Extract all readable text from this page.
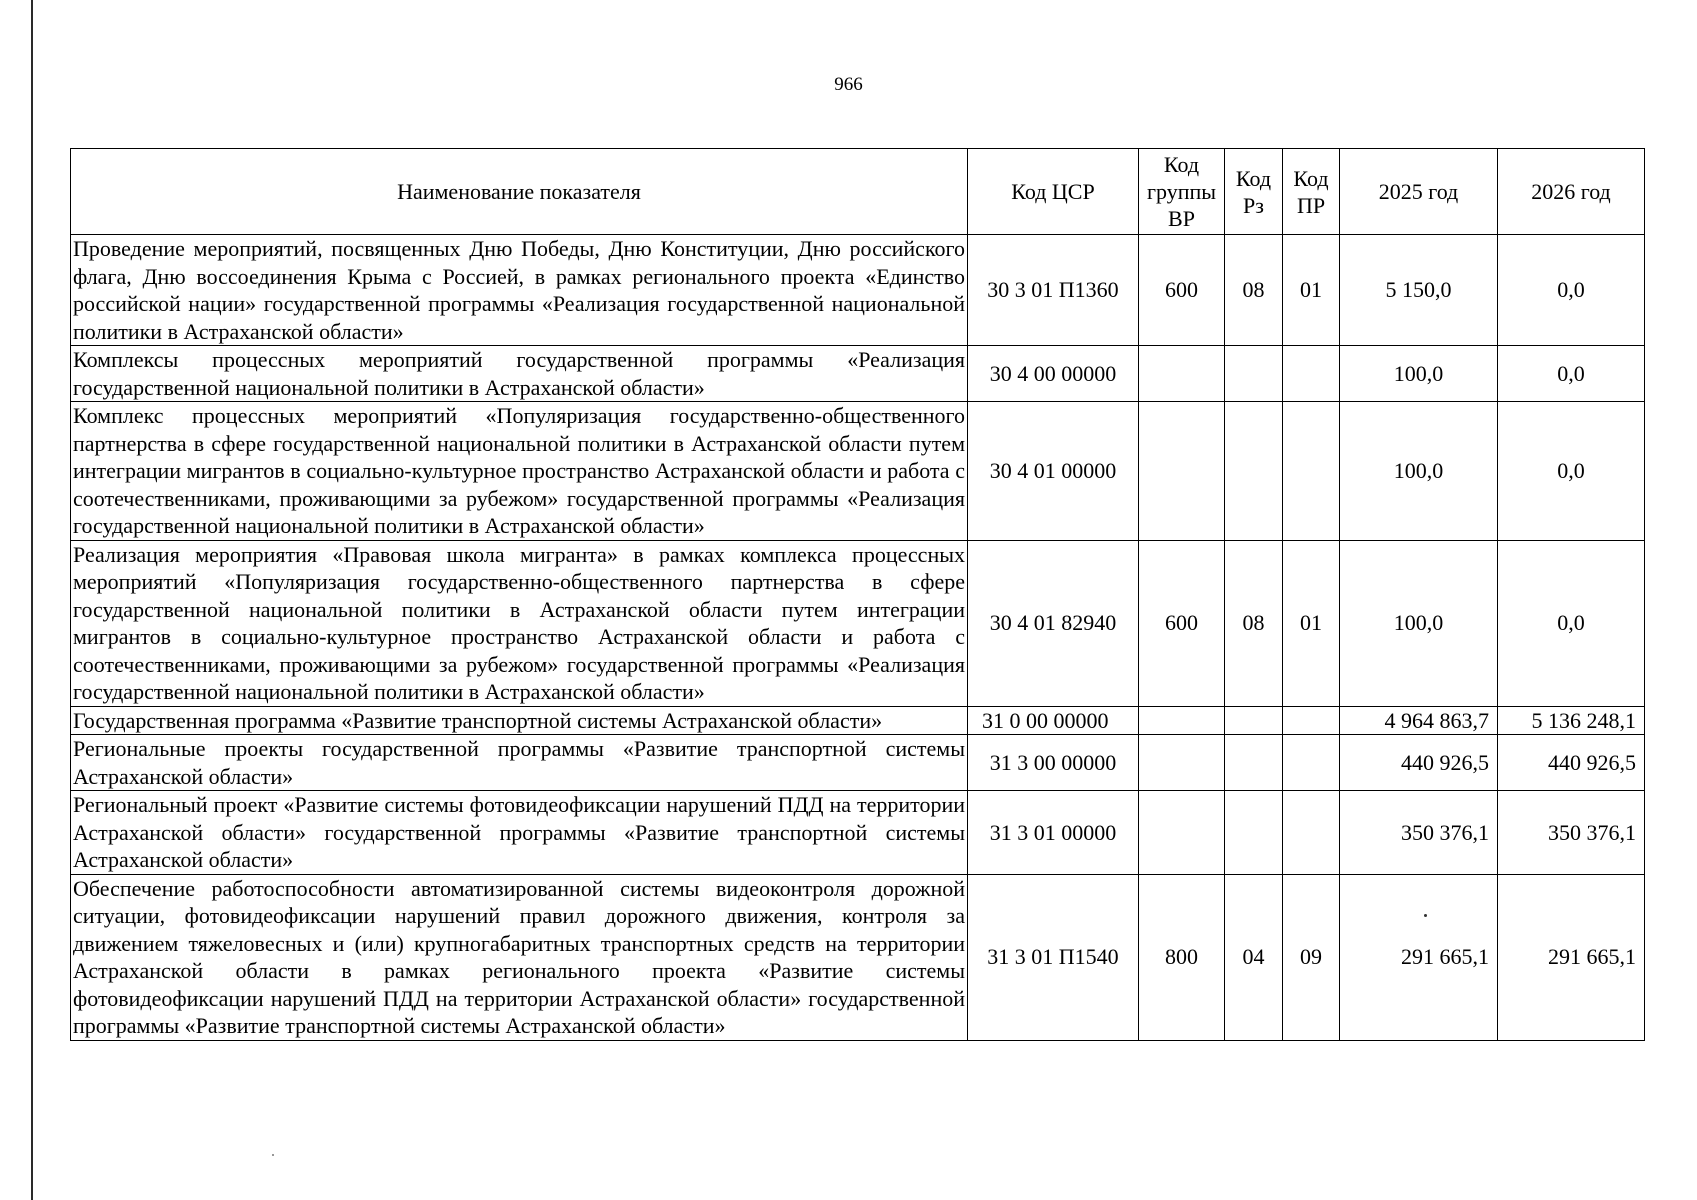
966
Наименование показателя	Код ЦСР	Код группы ВР	Код Рз	Код ПР	2025 год	2026 год
Проведение мероприятий, посвященных Дню Победы, Дню Конституции, Дню российского флага, Дню воссоединения Крыма с Россией, в рамках регионального проекта «Единство российской нации» государственной программы «Реализация государственной национальной политики в Астраханской области»	30 3 01 П1360	600	08	01	5 150,0	0,0
Комплексы процессных мероприятий государственной программы «Реализация государственной национальной политики в Астраханской области»	30 4 00 00000				100,0	0,0
Комплекс процессных мероприятий «Популяризация государственно-общественного партнерства в сфере государственной национальной политики в Астраханской области путем интеграции мигрантов в социально-культурное пространство Астраханской области и работа с соотечественниками, проживающими за рубежом» государственной программы «Реализация государственной национальной политики в Астраханской области»	30 4 01 00000				100,0	0,0
Реализация мероприятия «Правовая школа мигранта» в рамках комплекса процессных мероприятий «Популяризация государственно-общественного партнерства в сфере государственной национальной политики в Астраханской области путем интеграции мигрантов в социально-культурное пространство Астраханской области и работа с соотечественниками, проживающими за рубежом» государственной программы «Реализация государственной национальной политики в Астраханской области»	30 4 01 82940	600	08	01	100,0	0,0
Государственная программа «Развитие транспортной системы Астраханской области»	31 0 00 00000				4 964 863,7	5 136 248,1
Региональные проекты государственной программы «Развитие транспортной системы Астраханской области»	31 3 00 00000				440 926,5	440 926,5
Региональный проект «Развитие системы фотовидеофиксации нарушений ПДД на территории Астраханской области» государственной программы «Развитие транспортной системы Астраханской области»	31 3 01 00000				350 376,1	350 376,1
Обеспечение работоспособности автоматизированной системы видеоконтроля дорожной ситуации, фотовидеофиксации нарушений правил дорожного движения, контроля за движением тяжеловесных и (или) крупногабаритных транспортных средств на территории Астраханской области в рамках регионального проекта «Развитие системы фотовидеофиксации нарушений ПДД на территории Астраханской области» государственной программы «Развитие транспортной системы Астраханской области»	31 3 01 П1540	800	04	09	291 665,1	291 665,1
